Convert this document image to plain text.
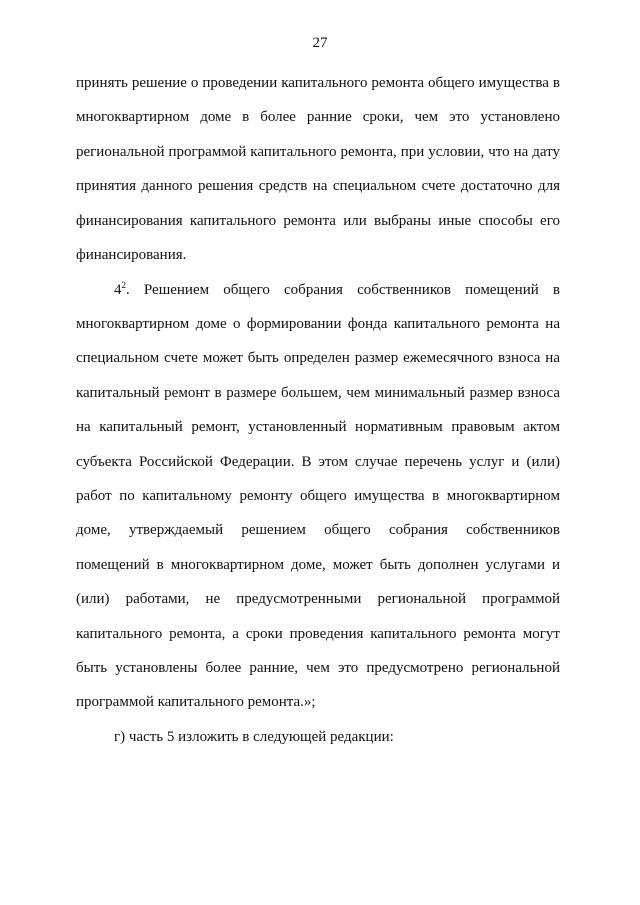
27
принять решение о проведении капитального ремонта общего имущества в
многоквартирном доме в более ранние сроки, чем это установлено
региональной программой капитального ремонта, при условии, что на дату
принятия данного решения средств на специальном счете достаточно для
финансирования капитального ремонта или выбраны иные способы его
финансирования.
$4^2$. Решением общего собрания собственников помещений в
многоквартирном доме о формировании фонда капитального ремонта на
специальном счете может быть определен размер ежемесячного взноса на
капитальный ремонт в размере большем, чем минимальный размер взноса
на капитальный ремонт, установленный нормативным правовым актом
субъекта Российской Федерации. В этом случае перечень услуг и (или)
работ по капитальному ремонту общего имущества в многоквартирном
доме, утверждаемый решением общего собрания собственников
помещений в многоквартирном доме, может быть дополнен услугами и
(или) работами, не предусмотренными региональной программой
капитального ремонта, а сроки проведения капитального ремонта могут
быть установлены более ранние, чем это предусмотрено региональной
программой капитального ремонта.»;
г) часть 5 изложить в следующей редакции:
